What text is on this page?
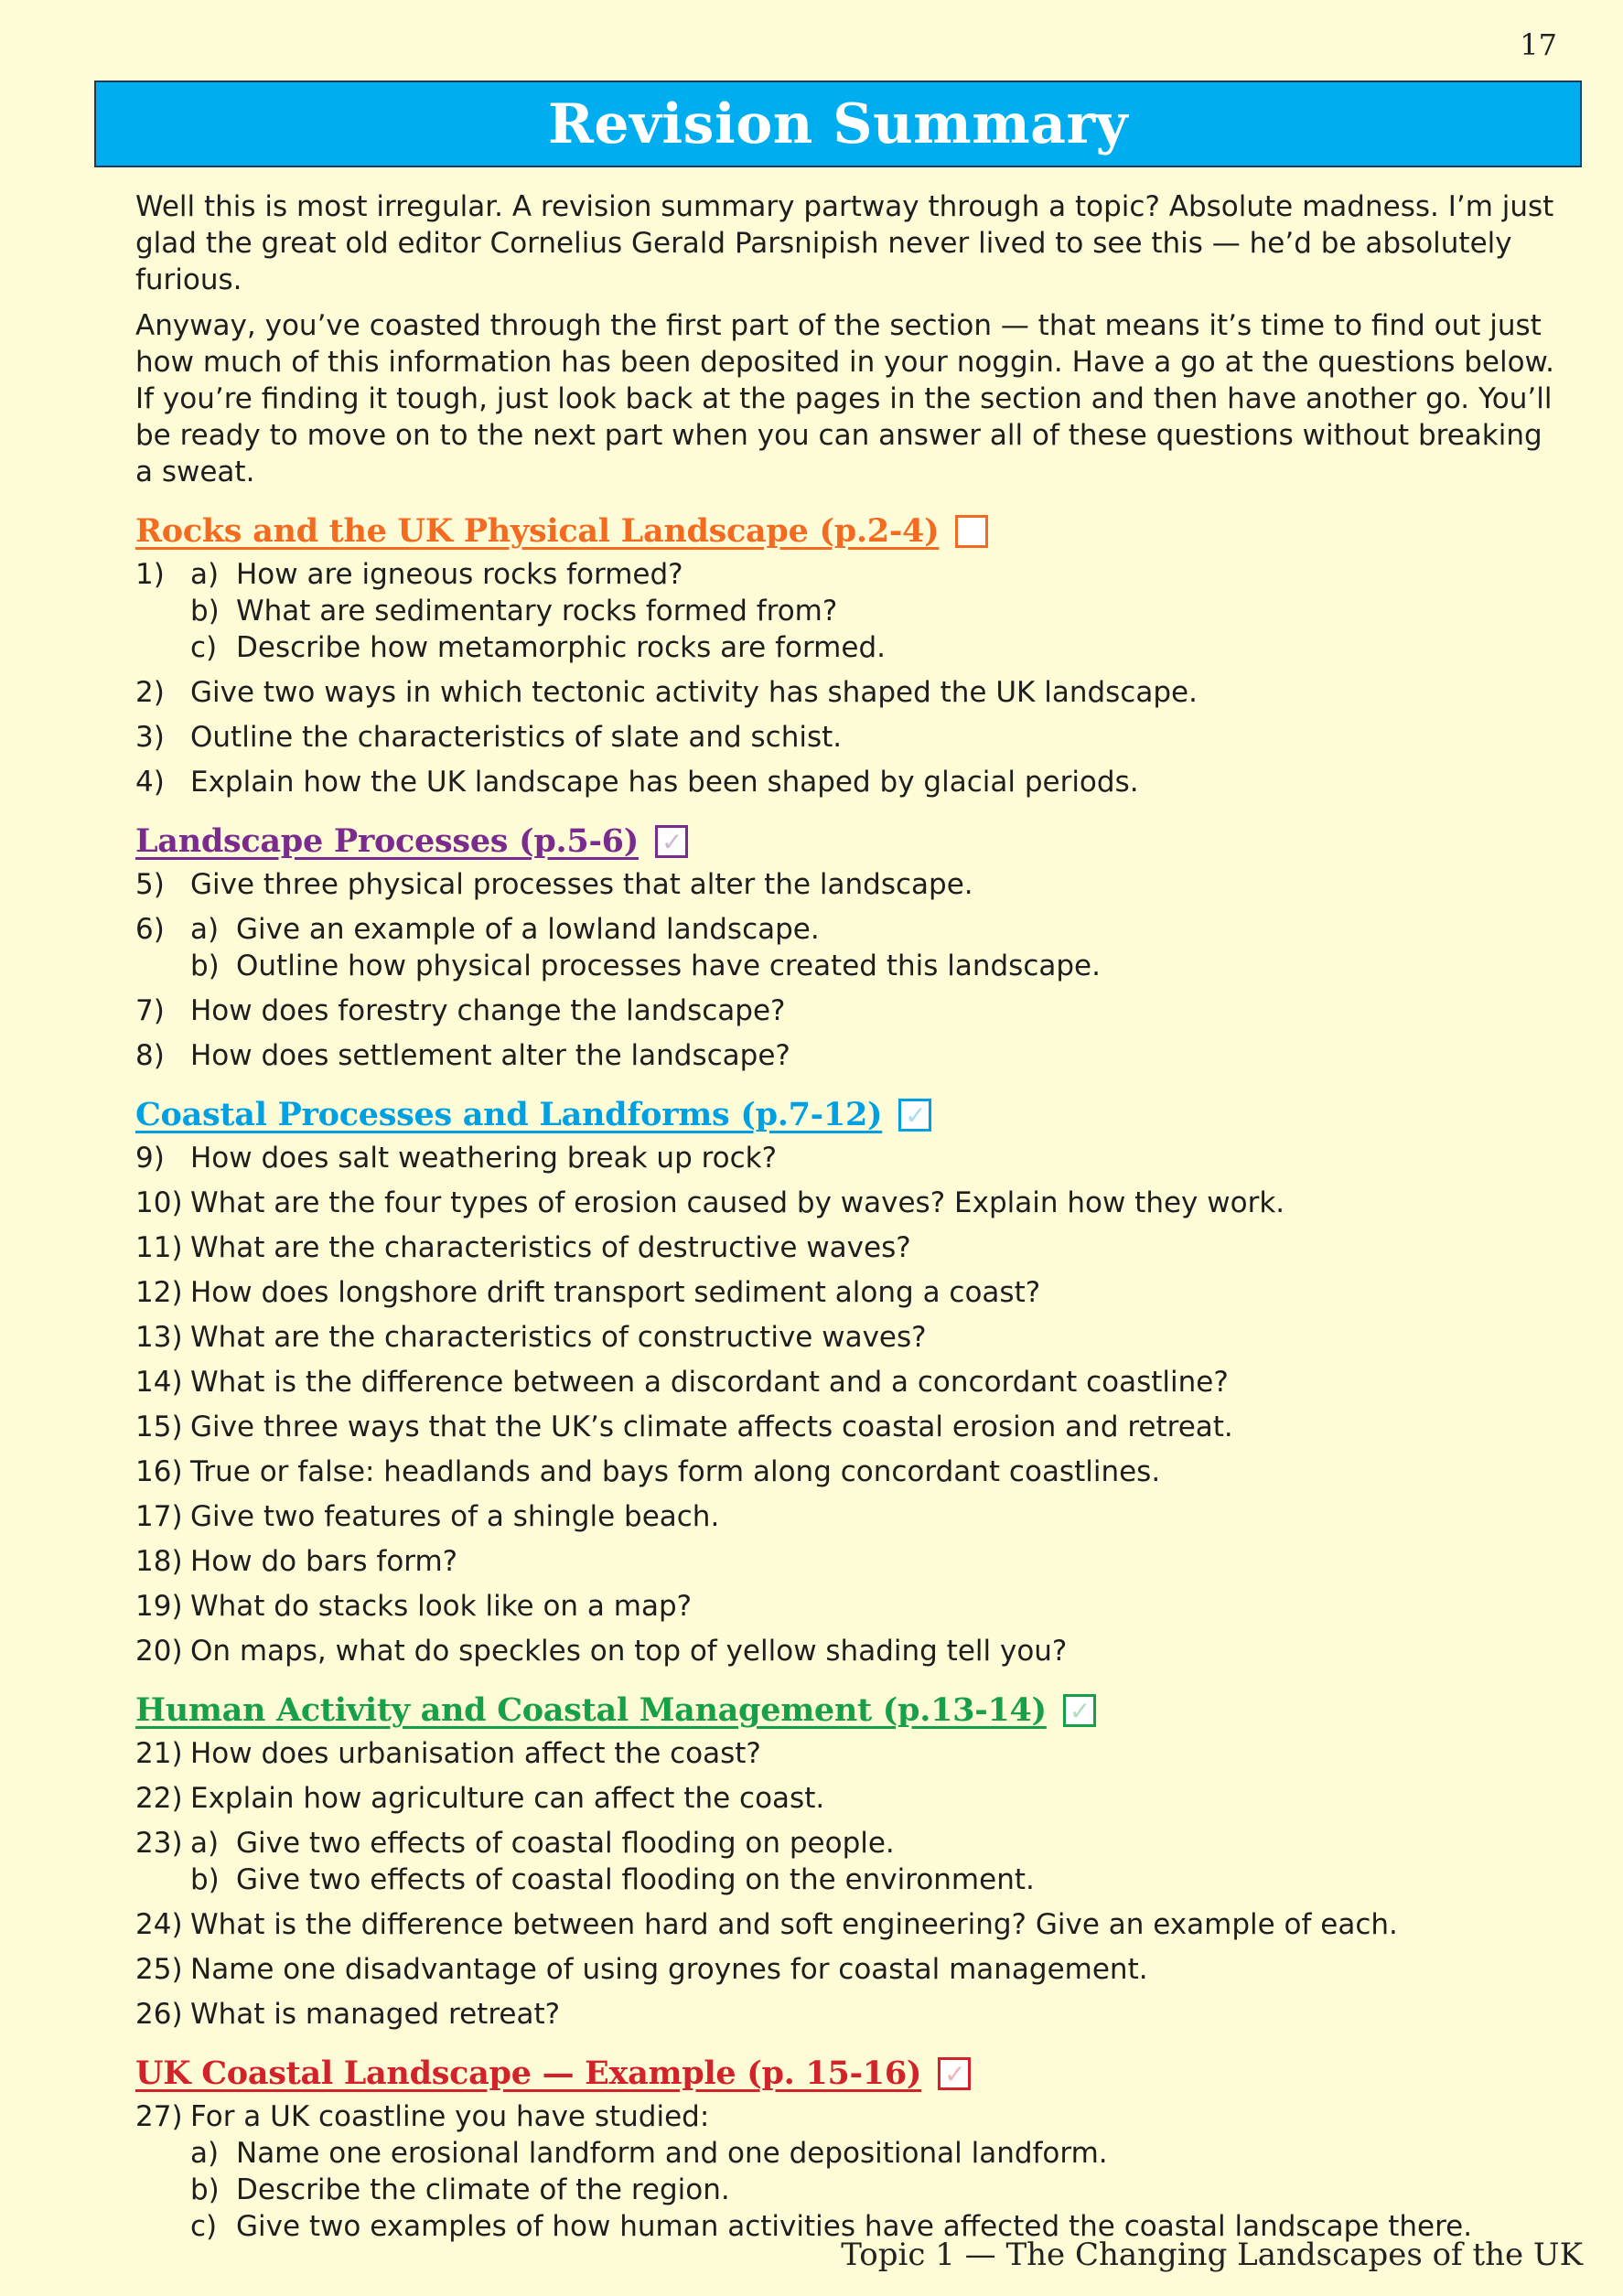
17
Revision Summary

Well this is most irregular. A revision summary partway through a topic? Absolute madness. I’m just glad the great old editor Cornelius Gerald Parsnipish never lived to see this — he’d be absolutely furious.

Anyway, you’ve coasted through the first part of the section — that means it’s time to find out just how much of this information has been deposited in your noggin. Have a go at the questions below. If you’re finding it tough, just look back at the pages in the section and then have another go. You’ll be ready to move on to the next part when you can answer all of these questions without breaking a sweat.

Rocks and the UK Physical Landscape (p.2-4)
1) a) How are igneous rocks formed?
b) What are sedimentary rocks formed from?
c) Describe how metamorphic rocks are formed.
2) Give two ways in which tectonic activity has shaped the UK landscape.
3) Outline the characteristics of slate and schist.
4) Explain how the UK landscape has been shaped by glacial periods.
Landscape Processes (p.5-6) ✓
5) Give three physical processes that alter the landscape.
6) a) Give an example of a lowland landscape.
b) Outline how physical processes have created this landscape.
7) How does forestry change the landscape?
8) How does settlement alter the landscape?
Coastal Processes and Landforms (p.7-12) ✓
9) How does salt weathering break up rock?
10) What are the four types of erosion caused by waves? Explain how they work.
11) What are the characteristics of destructive waves?
12) How does longshore drift transport sediment along a coast?
13) What are the characteristics of constructive waves?
14) What is the difference between a discordant and a concordant coastline?
15) Give three ways that the UK’s climate affects coastal erosion and retreat.
16) True or false: headlands and bays form along concordant coastlines.
17) Give two features of a shingle beach.
18) How do bars form?
19) What do stacks look like on a map?
20) On maps, what do speckles on top of yellow shading tell you?
Human Activity and Coastal Management (p.13-14) ✓
21) How does urbanisation affect the coast?
22) Explain how agriculture can affect the coast.
23) a) Give two effects of coastal flooding on people.
b) Give two effects of coastal flooding on the environment.
24) What is the difference between hard and soft engineering? Give an example of each.
25) Name one disadvantage of using groynes for coastal management.
26) What is managed retreat?
UK Coastal Landscape — Example (p. 15-16) ✓
27) For a UK coastline you have studied:
a) Name one erosional landform and one depositional landform.
b) Describe the climate of the region.
c) Give two examples of how human activities have affected the coastal landscape there.
Topic 1 — The Changing Landscapes of the UK
